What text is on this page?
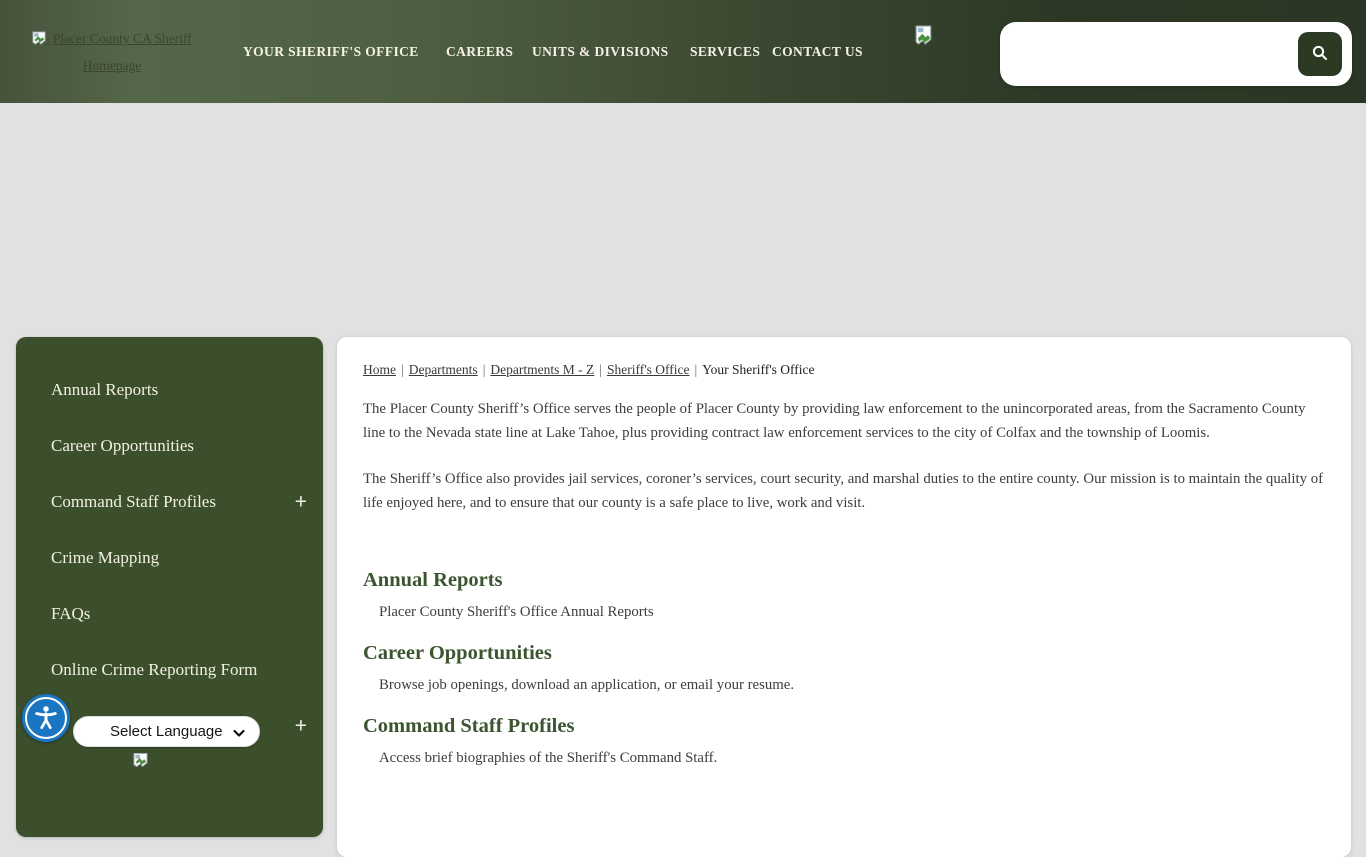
Placer County CA Sheriff Homepage
YOUR SHERIFF'S OFFICE CAREERS UNITS & DIVISIONS SERVICES CONTACT US
Annual Reports
Career Opportunities
Command Staff Profiles	+
Crime Mapping
FAQs
Online Crime Reporting Form
+
Select Language
Home | Departments | Departments M - Z | Sheriff's Office | Your Sheriff's Office

The Placer County Sheriff’s Office serves the people of Placer County by providing law enforcement to the unincorporated areas, from the Sacramento County line to the Nevada state line at Lake Tahoe, plus providing contract law enforcement services to the city of Colfax and the township of Loomis.

The Sheriff’s Office also provides jail services, coroner’s services, court security, and marshal duties to the entire county. Our mission is to maintain the quality of life enjoyed here, and to ensure that our county is a safe place to live, work and visit.

Annual Reports

Placer County Sheriff's Office Annual Reports

Career Opportunities

Browse job openings, download an application, or email your resume.

Command Staff Profiles

Access brief biographies of the Sheriff's Command Staff.
